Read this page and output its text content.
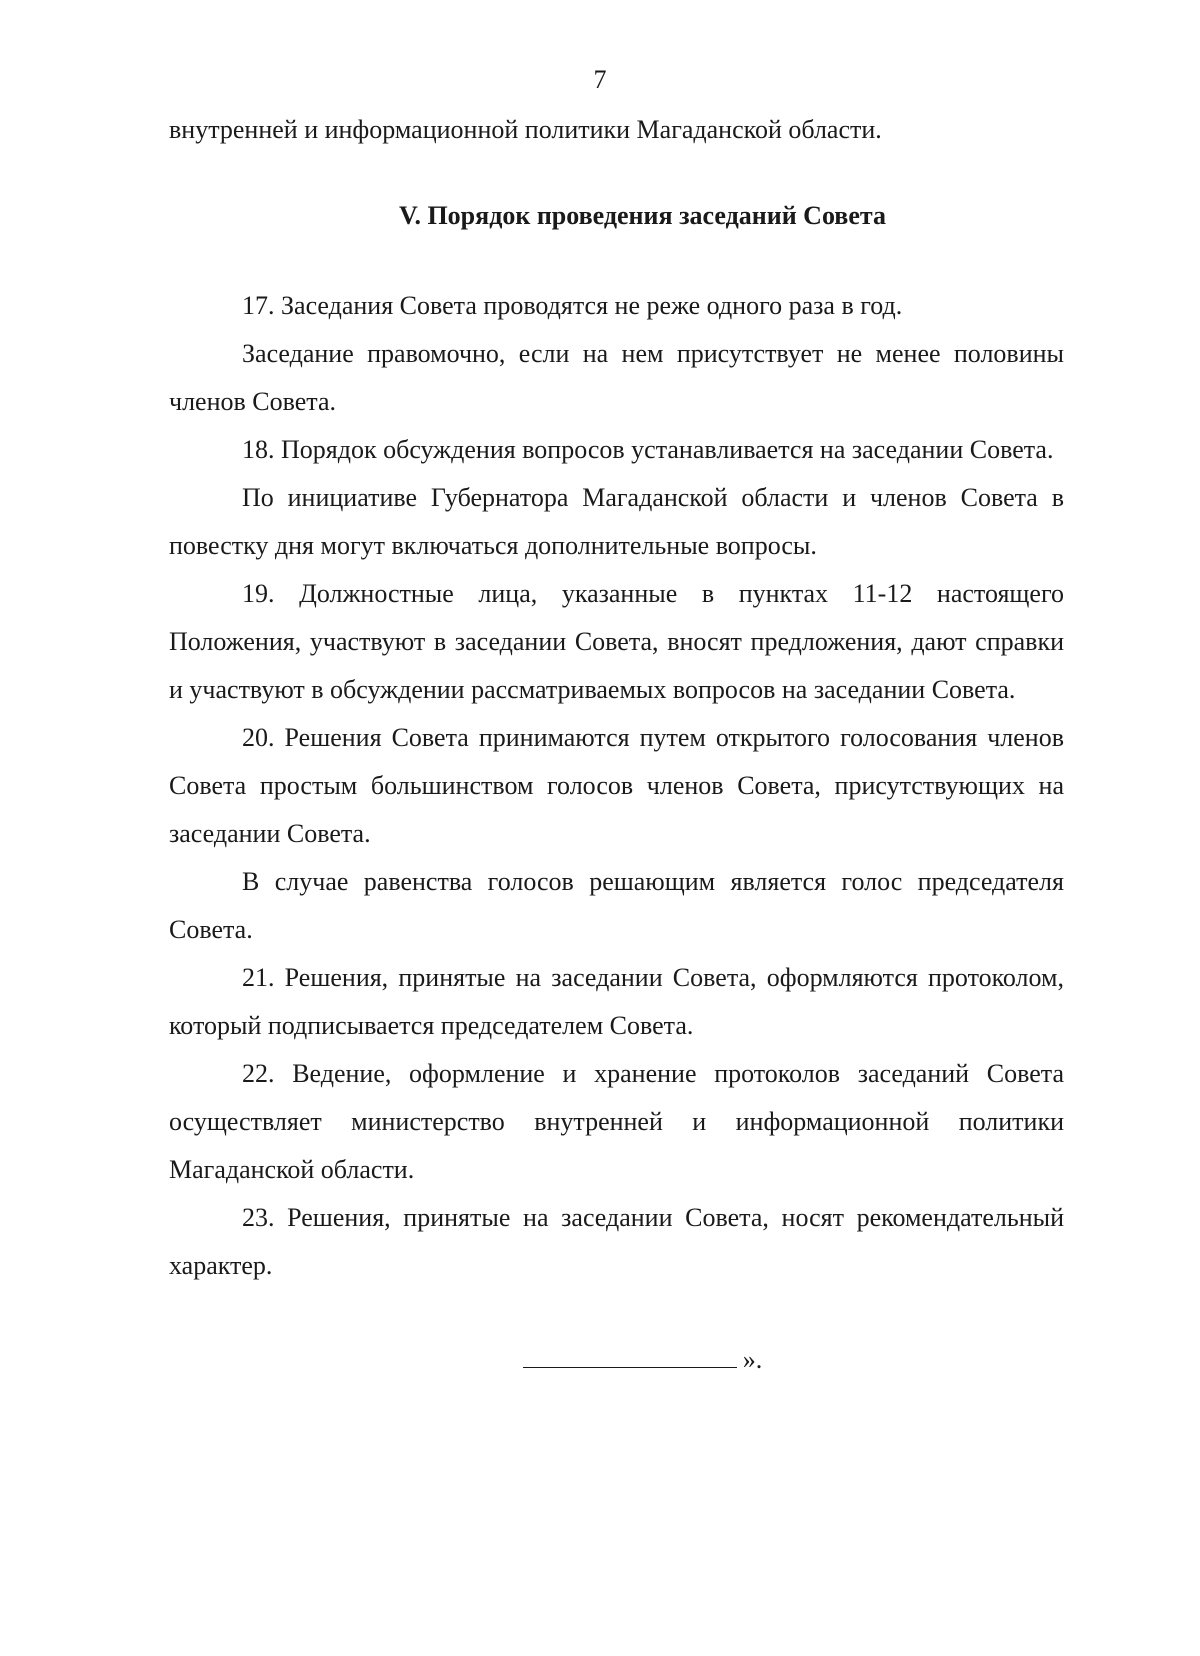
7

внутренней и информационной политики Магаданской области.

V. Порядок проведения заседаний Совета

17. Заседания Совета проводятся не реже одного раза в год.

Заседание правомочно, если на нем присутствует не менее половины членов Совета.

18. Порядок обсуждения вопросов устанавливается на заседании Совета.

По инициативе Губернатора Магаданской области и членов Совета в повестку дня могут включаться дополнительные вопросы.

19. Должностные лица, указанные в пунктах 11-12 настоящего Положения, участвуют в заседании Совета, вносят предложения, дают справки и участвуют в обсуждении рассматриваемых вопросов на заседании Совета.

20. Решения Совета принимаются путем открытого голосования членов Совета простым большинством голосов членов Совета, присутствующих на заседании Совета.

В случае равенства голосов решающим является голос председателя Совета.

21. Решения, принятые на заседании Совета, оформляются протоколом, который подписывается председателем Совета.

22. Ведение, оформление и хранение протоколов заседаний Совета осуществляет министерство внутренней и информационной политики Магаданской области.

23. Решения, принятые на заседании Совета, носят рекомендательный характер.

».
